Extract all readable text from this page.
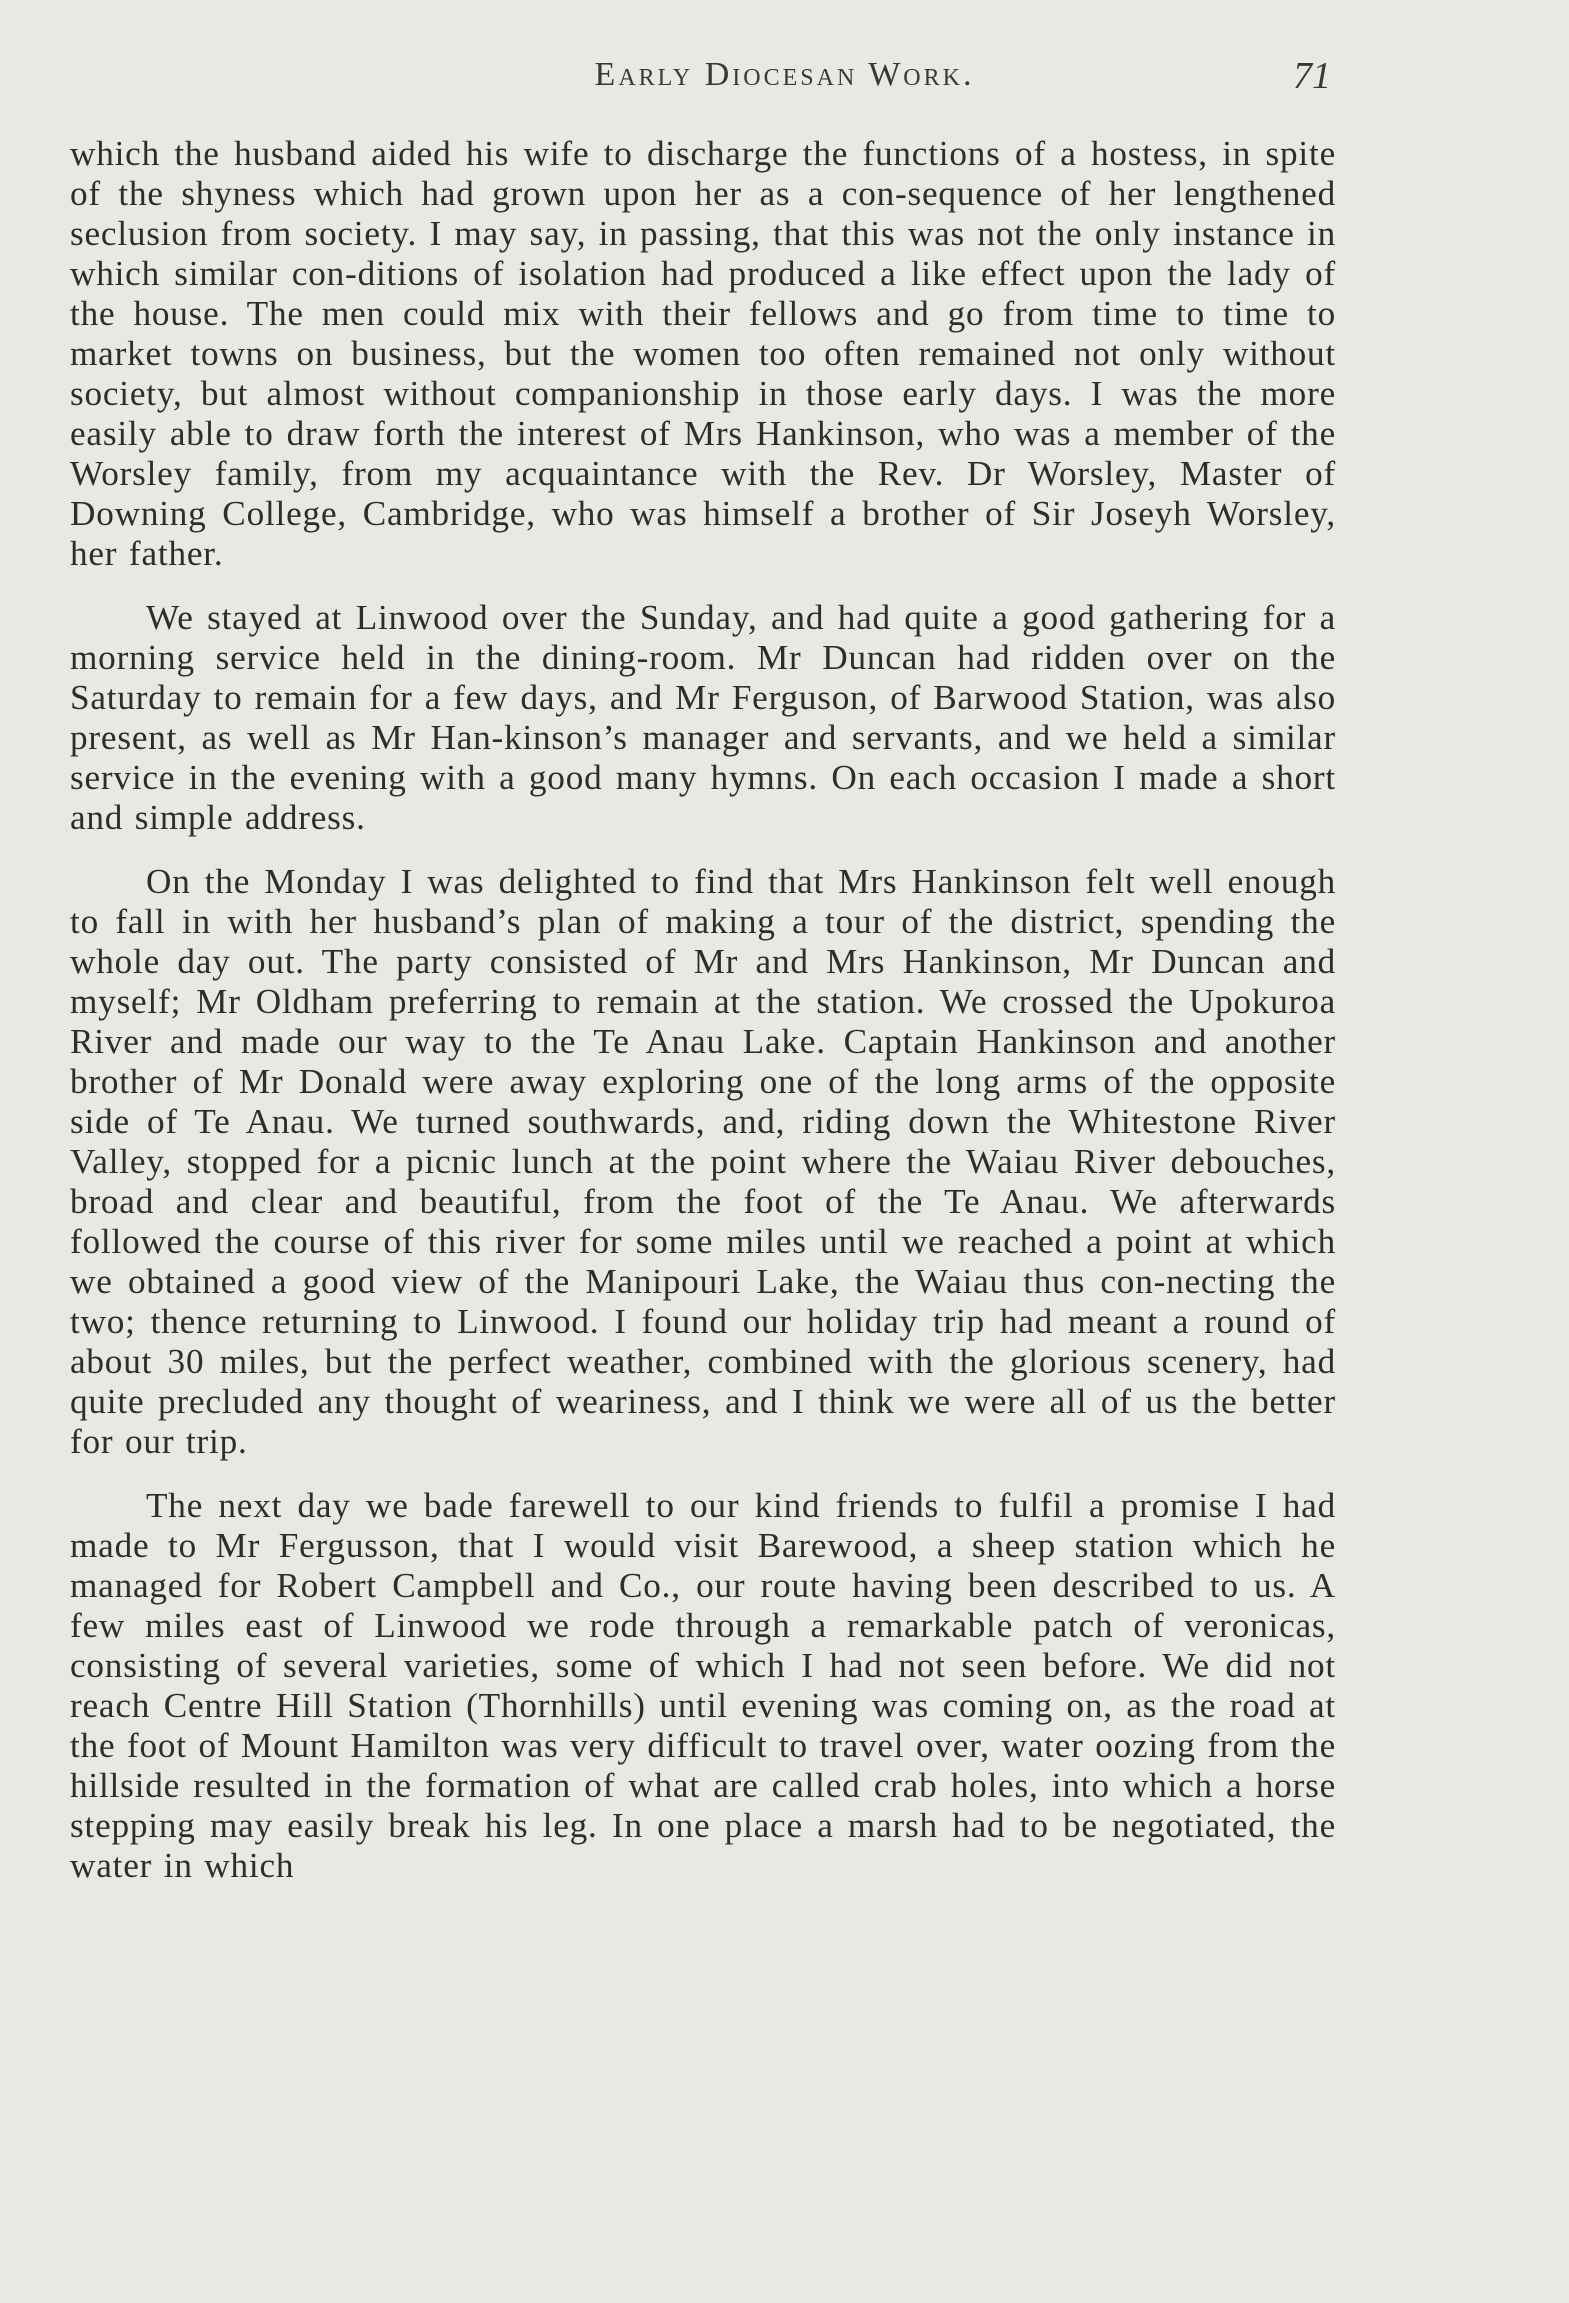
Early Diocesan Work.	71

which the husband aided his wife to discharge the functions of a hostess, in spite of the shyness which had grown upon her as a con-sequence of her lengthened seclusion from society. I may say, in passing, that this was not the only instance in which similar con-ditions of isolation had produced a like effect upon the lady of the house. The men could mix with their fellows and go from time to time to market towns on business, but the women too often remained not only without society, but almost without companionship in those early days. I was the more easily able to draw forth the interest of Mrs Hankinson, who was a member of the Worsley family, from my acquaintance with the Rev. Dr Worsley, Master of Downing College, Cambridge, who was himself a brother of Sir Joseyh Worsley, her father.

We stayed at Linwood over the Sunday, and had quite a good gathering for a morning service held in the dining-room. Mr Duncan had ridden over on the Saturday to remain for a few days, and Mr Ferguson, of Barwood Station, was also present, as well as Mr Han-kinson’s manager and servants, and we held a similar service in the evening with a good many hymns. On each occasion I made a short and simple address.

On the Monday I was delighted to find that Mrs Hankinson felt well enough to fall in with her husband’s plan of making a tour of the district, spending the whole day out. The party consisted of Mr and Mrs Hankinson, Mr Duncan and myself; Mr Oldham preferring to remain at the station. We crossed the Upokuroa River and made our way to the Te Anau Lake. Captain Hankinson and another brother of Mr Donald were away exploring one of the long arms of the opposite side of Te Anau. We turned southwards, and, riding down the Whitestone River Valley, stopped for a picnic lunch at the point where the Waiau River debouches, broad and clear and beautiful, from the foot of the Te Anau. We afterwards followed the course of this river for some miles until we reached a point at which we obtained a good view of the Manipouri Lake, the Waiau thus con-necting the two; thence returning to Linwood. I found our holiday trip had meant a round of about 30 miles, but the perfect weather, combined with the glorious scenery, had quite precluded any thought of weariness, and I think we were all of us the better for our trip.

The next day we bade farewell to our kind friends to fulfil a promise I had made to Mr Fergusson, that I would visit Barewood, a sheep station which he managed for Robert Campbell and Co., our route having been described to us. A few miles east of Linwood we rode through a remarkable patch of veronicas, consisting of several varieties, some of which I had not seen before. We did not reach Centre Hill Station (Thornhills) until evening was coming on, as the road at the foot of Mount Hamilton was very difficult to travel over, water oozing from the hillside resulted in the formation of what are called crab holes, into which a horse stepping may easily break his leg. In one place a marsh had to be negotiated, the water in which
